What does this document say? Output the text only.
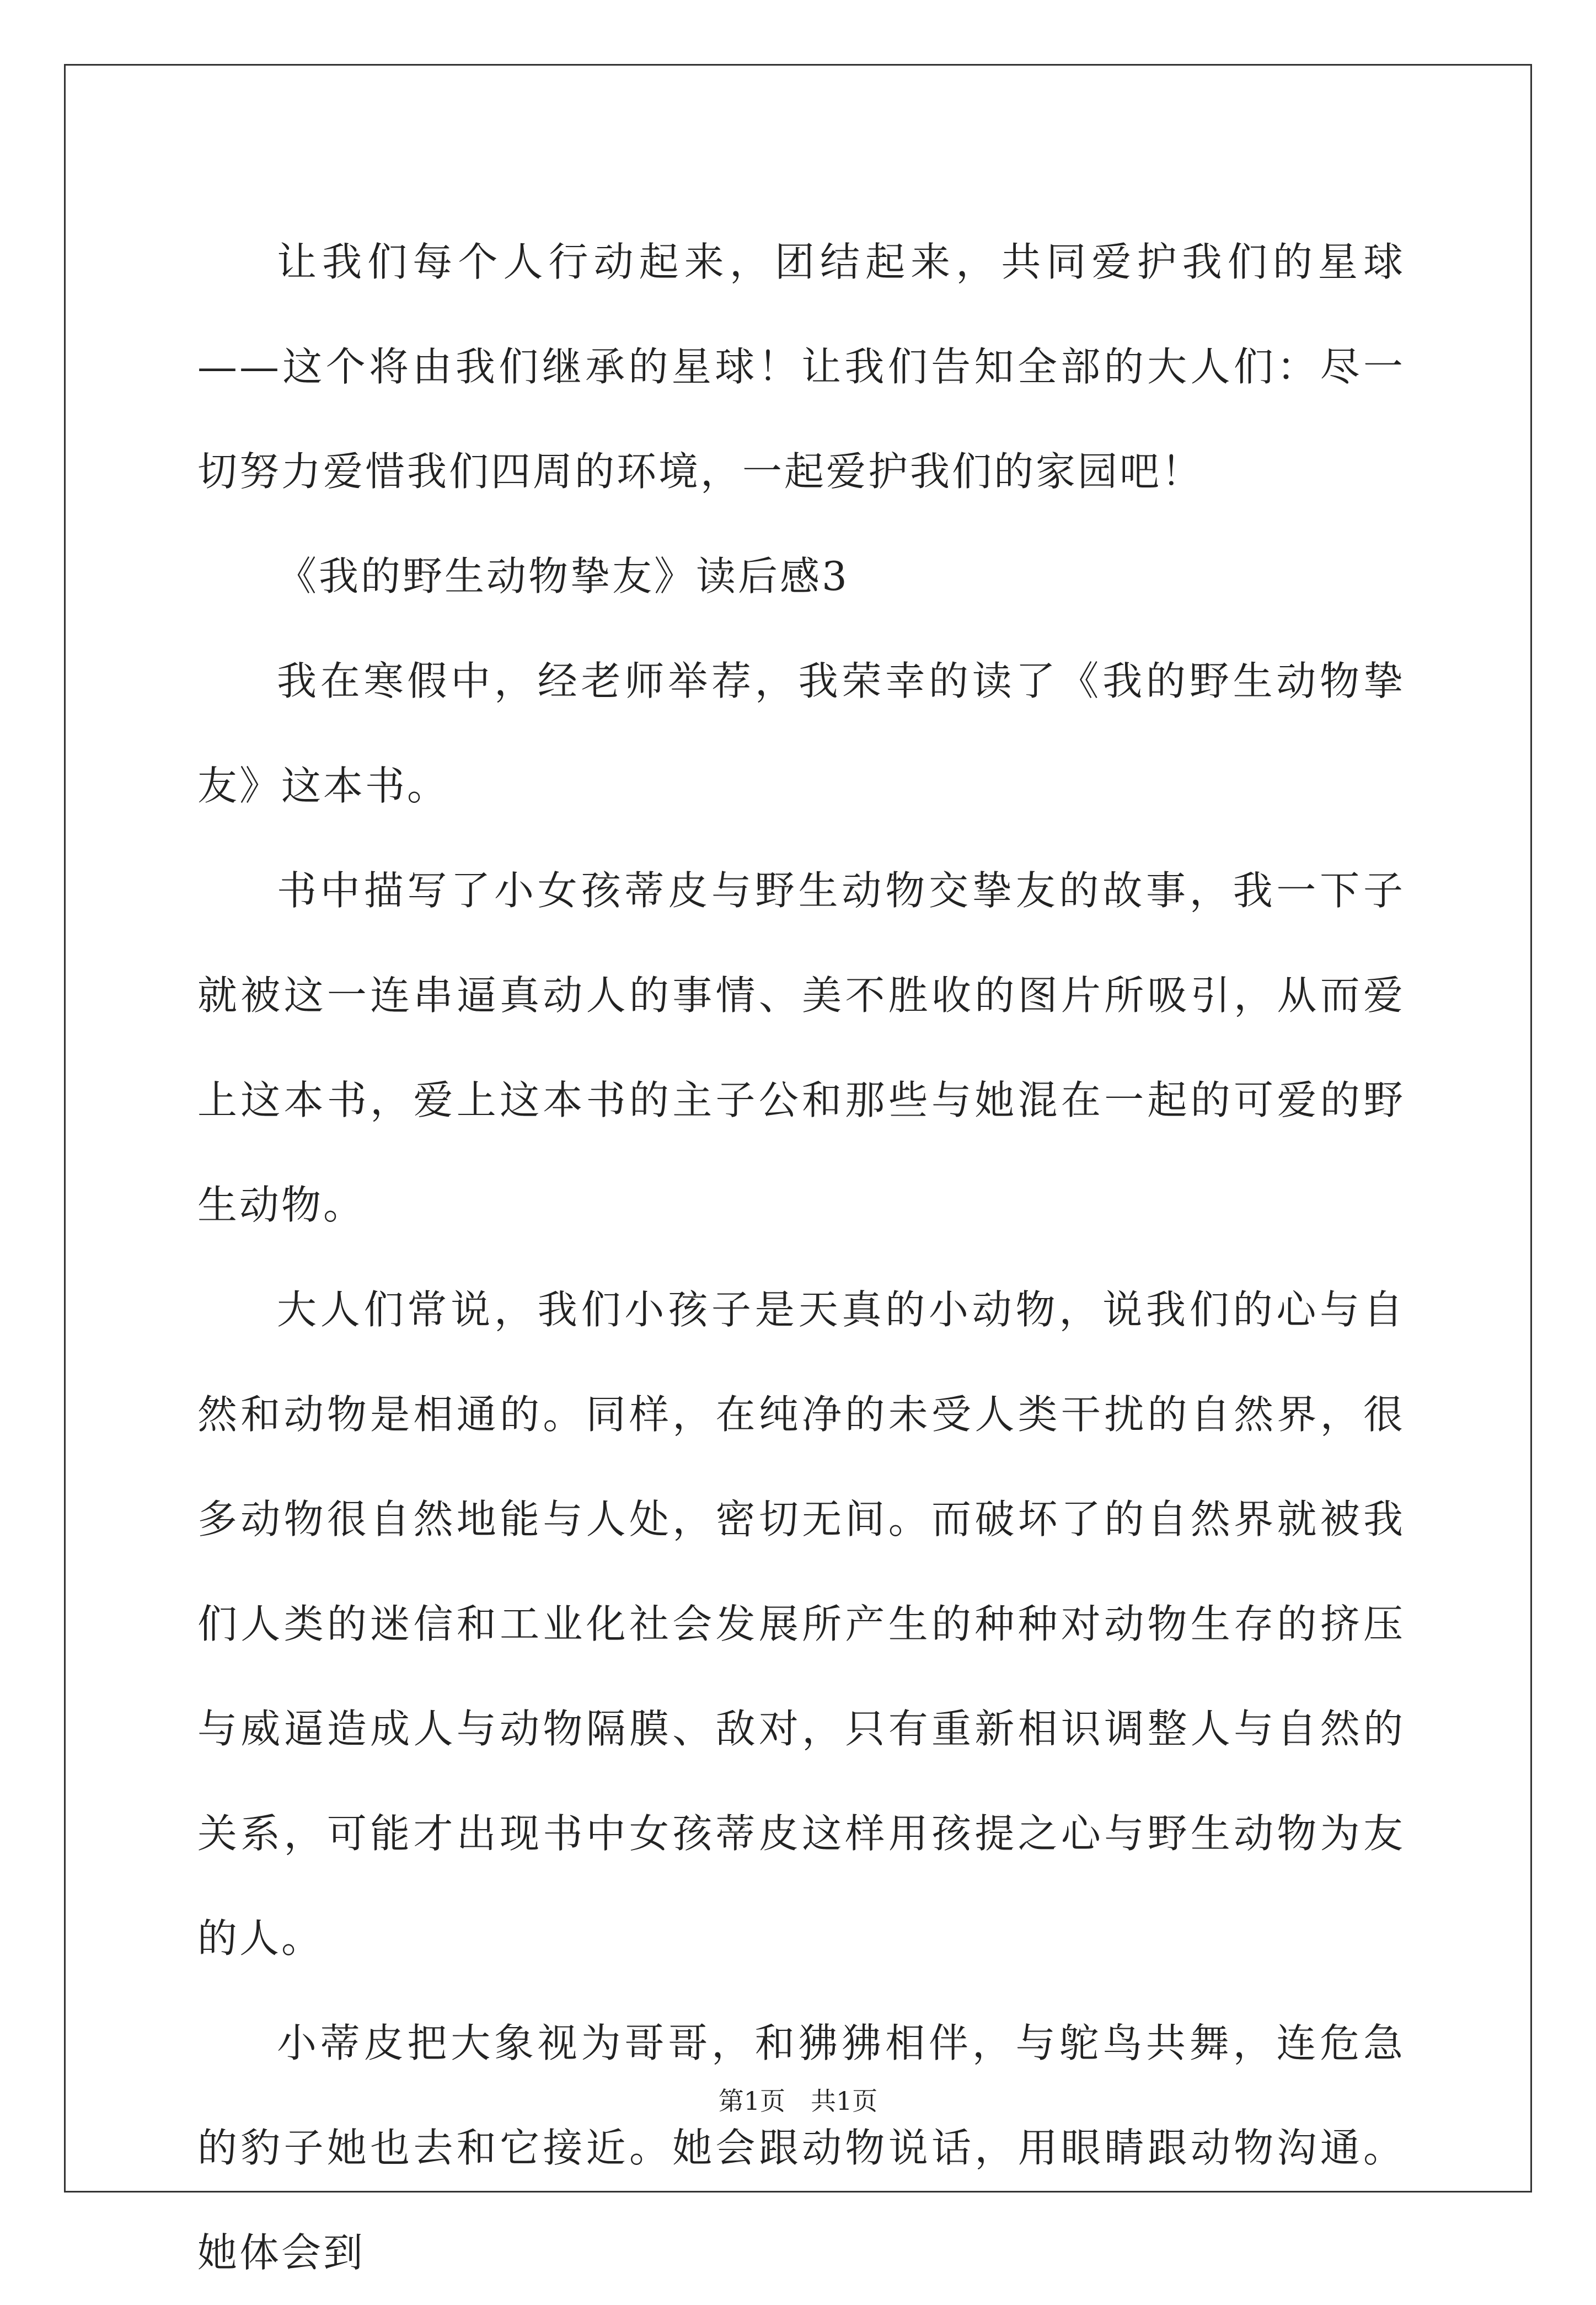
让我们每个人行动起来，团结起来，共同爱护我们的星球——这个将由我们继承的星球！让我们告知全部的大人们：尽一切努力爱惜我们四周的环境，一起爱护我们的家园吧！

《我的野生动物挚友》读后感3

我在寒假中，经老师举荐，我荣幸的读了《我的野生动物挚友》这本书。

书中描写了小女孩蒂皮与野生动物交挚友的故事，我一下子就被这一连串逼真动人的事情、美不胜收的图片所吸引，从而爱上这本书，爱上这本书的主子公和那些与她混在一起的可爱的野生动物。

大人们常说，我们小孩子是天真的小动物，说我们的心与自然和动物是相通的。同样，在纯净的未受人类干扰的自然界，很多动物很自然地能与人处，密切无间。而破坏了的自然界就被我们人类的迷信和工业化社会发展所产生的种种对动物生存的挤压与威逼造成人与动物隔膜、敌对，只有重新相识调整人与自然的关系，可能才出现书中女孩蒂皮这样用孩提之心与野生动物为友的人。

小蒂皮把大象视为哥哥，和狒狒相伴，与鸵鸟共舞，连危急的豹子她也去和它接近。她会跟动物说话，用眼睛跟动物沟通。她体会到

第1页　共1页
